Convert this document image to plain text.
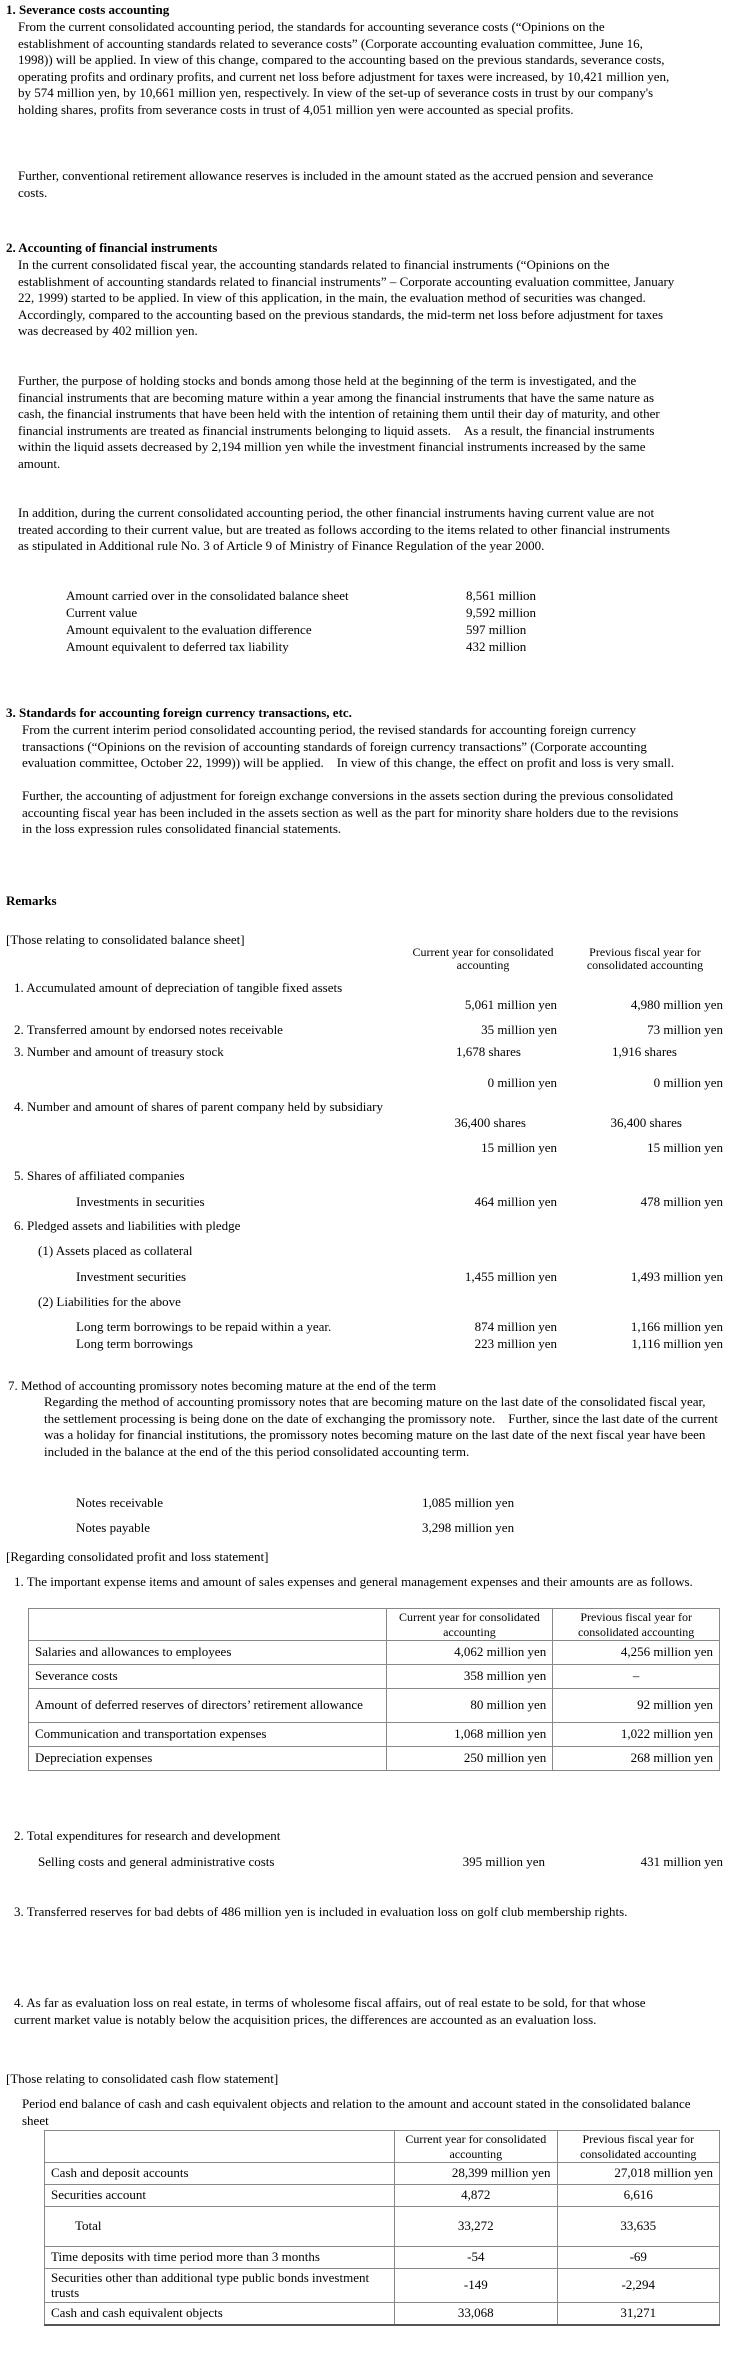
1. Severance costs accounting
From the current consolidated accounting period, the standards for accounting severance costs (“Opinions on the establishment of accounting standards related to severance costs” (Corporate accounting evaluation committee, June 16, 1998)) will be applied. In view of this change, compared to the accounting based on the previous standards, severance costs, operating profits and ordinary profits, and current net loss before adjustment for taxes were increased, by 10,421 million yen, by 574 million yen, by 10,661 million yen, respectively. In view of the set-up of severance costs in trust by our company's holding shares, profits from severance costs in trust of 4,051 million yen were accounted as special profits.
Further, conventional retirement allowance reserves is included in the amount stated as the accrued pension and severance costs.
2. Accounting of financial instruments
In the current consolidated fiscal year, the accounting standards related to financial instruments (“Opinions on the establishment of accounting standards related to financial instruments” – Corporate accounting evaluation committee, January 22, 1999) started to be applied. In view of this application, in the main, the evaluation method of securities was changed. Accordingly, compared to the accounting based on the previous standards, the mid-term net loss before adjustment for taxes was decreased by 402 million yen.
Further, the purpose of holding stocks and bonds among those held at the beginning of the term is investigated, and the financial instruments that are becoming mature within a year among the financial instruments that have the same nature as cash, the financial instruments that have been held with the intention of retaining them until their day of maturity, and other financial instruments are treated as financial instruments belonging to liquid assets.    As a result, the financial instruments within the liquid assets decreased by 2,194 million yen while the investment financial instruments increased by the same amount.
In addition, during the current consolidated accounting period, the other financial instruments having current value are not treated according to their current value, but are treated as follows according to the items related to other financial instruments as stipulated in Additional rule No. 3 of Article 9 of Ministry of Finance Regulation of the year 2000.
Amount carried over in the consolidated balance sheet	8,561 million
Current value	9,592 million
Amount equivalent to the evaluation difference	597 million
Amount equivalent to deferred tax liability	432 million
3. Standards for accounting foreign currency transactions, etc.
From the current interim period consolidated accounting period, the revised standards for accounting foreign currency transactions (“Opinions on the revision of accounting standards of foreign currency transactions” (Corporate accounting evaluation committee, October 22, 1999)) will be applied.    In view of this change, the effect on profit and loss is very small.
Further, the accounting of adjustment for foreign exchange conversions in the assets section during the previous consolidated accounting fiscal year has been included in the assets section as well as the part for minority share holders due to the revisions in the loss expression rules consolidated financial statements.
Remarks
[Those relating to consolidated balance sheet]
Current year for consolidated accounting
Previous fiscal year for consolidated accounting
1. Accumulated amount of depreciation of tangible fixed assets
5,061 million yen	4,980 million yen
2. Transferred amount by endorsed notes receivable	35 million yen	73 million yen
3. Number and amount of treasury stock	1,678 shares	1,916 shares
0 million yen	0 million yen
4. Number and amount of shares of parent company held by subsidiary
36,400 shares	36,400 shares
15 million yen	15 million yen
5. Shares of affiliated companies
Investments in securities	464 million yen	478 million yen
6. Pledged assets and liabilities with pledge
(1) Assets placed as collateral
Investment securities	1,455 million yen	1,493 million yen
(2) Liabilities for the above
Long term borrowings to be repaid within a year.	874 million yen	1,166 million yen
Long term borrowings	223 million yen	1,116 million yen
7. Method of accounting promissory notes becoming mature at the end of the term
Regarding the method of accounting promissory notes that are becoming mature on the last date of the consolidated fiscal year, the settlement processing is being done on the date of exchanging the promissory note.    Further, since the last date of the current was a holiday for financial institutions, the promissory notes becoming mature on the last date of the next fiscal year have been included in the balance at the end of the this period consolidated accounting term.
Notes receivable	1,085 million yen
Notes payable	3,298 million yen
[Regarding consolidated profit and loss statement]
1. The important expense items and amount of sales expenses and general management expenses and their amounts are as follows.
	Current year for consolidated accounting	Previous fiscal year for consolidated accounting
Salaries and allowances to employees	4,062 million yen	4,256 million yen
Severance costs	358 million yen	–
Amount of deferred reserves of directors’ retirement allowance	80 million yen	92 million yen
Communication and transportation expenses	1,068 million yen	1,022 million yen
Depreciation expenses	250 million yen	268 million yen
2. Total expenditures for research and development
Selling costs and general administrative costs	395 million yen	431 million yen
3. Transferred reserves for bad debts of 486 million yen is included in evaluation loss on golf club membership rights.
4. As far as evaluation loss on real estate, in terms of wholesome fiscal affairs, out of real estate to be sold, for that whose current market value is notably below the acquisition prices, the differences are accounted as an evaluation loss.
[Those relating to consolidated cash flow statement]
Period end balance of cash and cash equivalent objects and relation to the amount and account stated in the consolidated balance sheet
	Current year for consolidated accounting	Previous fiscal year for consolidated accounting
Cash and deposit accounts	28,399 million yen	27,018 million yen
Securities account	4,872	6,616
Total	33,272	33,635
Time deposits with time period more than 3 months	-54	-69
Securities other than additional type public bonds investment trusts	-149	-2,294
Cash and cash equivalent objects	33,068	31,271
